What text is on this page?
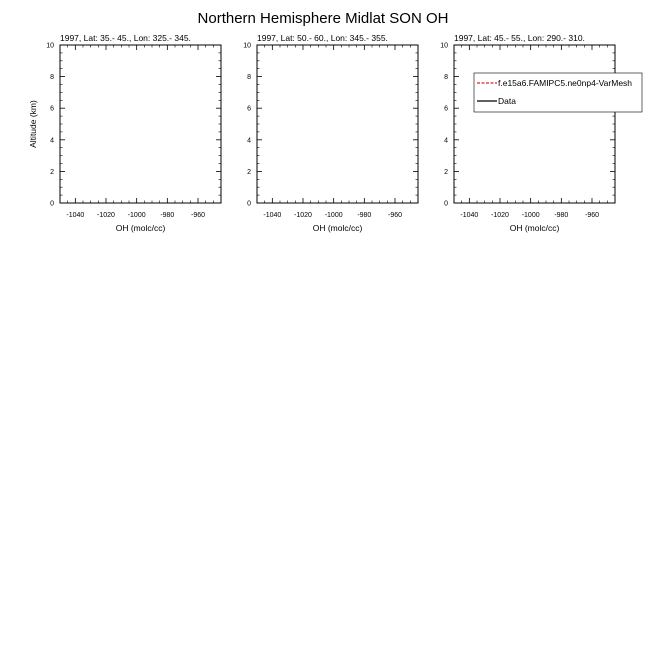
Northern Hemisphere Midlat SON OH
1997, Lat: 35.- 45., Lon: 325.- 345.
-1040 -1020 -1000 -980 -960
0
2
4
6
8
10
OH (molc/cc)
Altitude (km)
1997, Lat: 50.- 60., Lon: 345.- 355.
-1040 -1020 -1000 -980 -960
0
2
4
6
8
10
OH (molc/cc)
1997, Lat: 45.- 55., Lon: 290.- 310.
-1040 -1020 -1000 -980 -960
0
2
4
6
8
10
OH (molc/cc)
f.e15a6.FAMIPC5.ne0np4-VarMesh
Data
